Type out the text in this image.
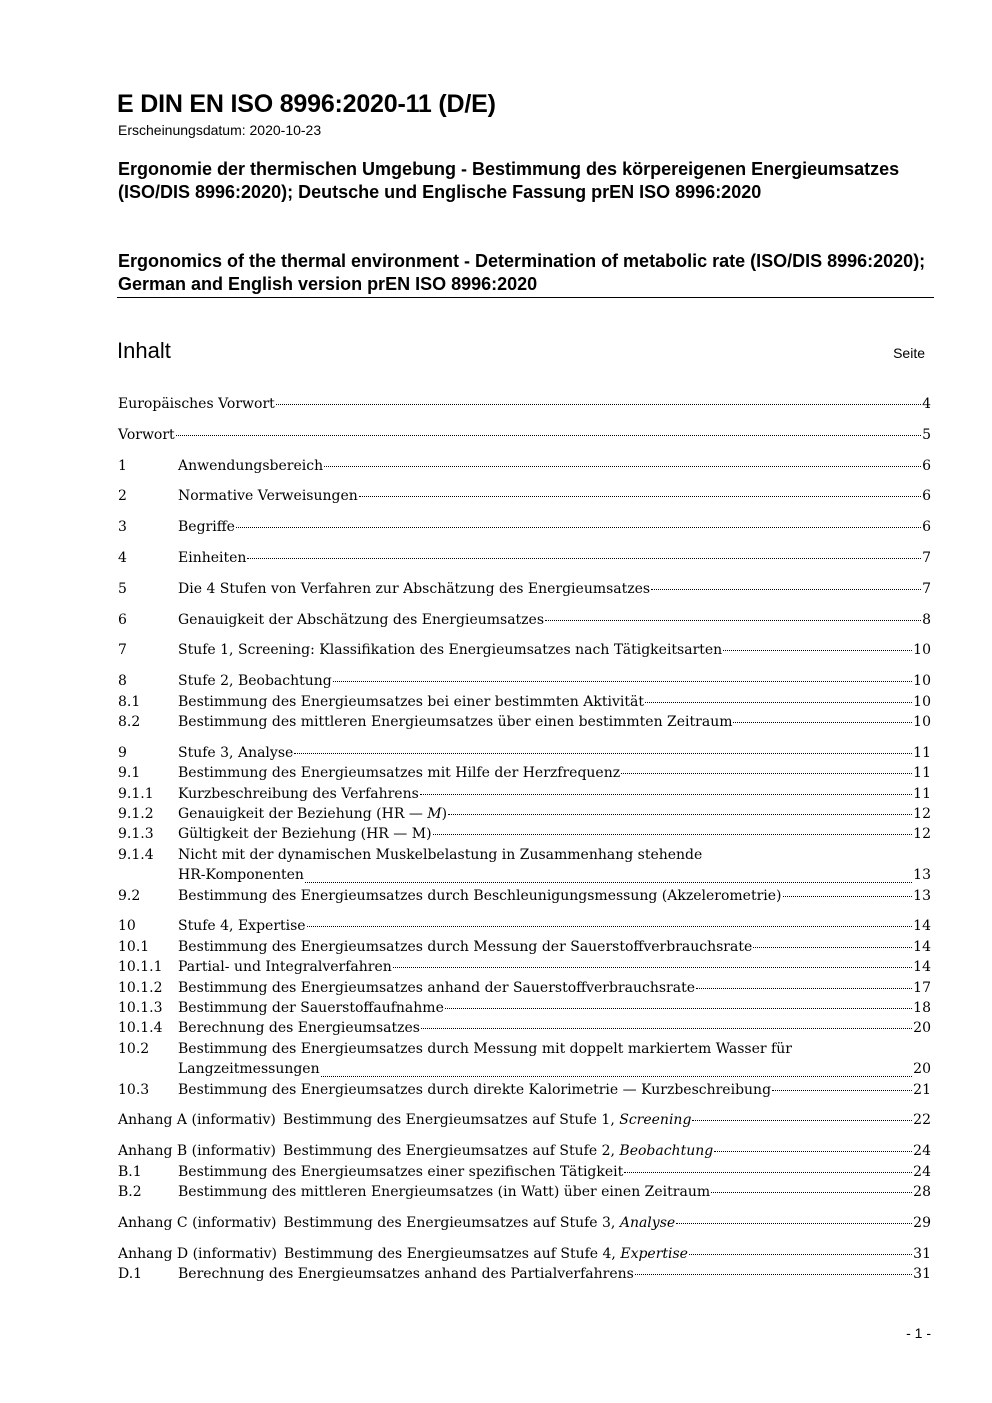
E DIN EN ISO 8996:2020-11 (D/E)
Erscheinungsdatum: 2020-10-23
Ergonomie der thermischen Umgebung - Bestimmung des körpereigenen Energieumsatzes (ISO/DIS 8996:2020); Deutsche und Englische Fassung prEN ISO 8996:2020
Ergonomics of the thermal environment - Determination of metabolic rate (ISO/DIS 8996:2020); German and English version prEN ISO 8996:2020
Inhalt	Seite
Europäisches Vorwort	4
Vorwort	5
1	Anwendungsbereich	6
2	Normative Verweisungen	6
3	Begriffe	6
4	Einheiten	7
5	Die 4 Stufen von Verfahren zur Abschätzung des Energieumsatzes	7
6	Genauigkeit der Abschätzung des Energieumsatzes	8
7	Stufe 1, Screening: Klassifikation des Energieumsatzes nach Tätigkeitsarten	10
8	Stufe 2, Beobachtung	10
8.1	Bestimmung des Energieumsatzes bei einer bestimmten Aktivität	10
8.2	Bestimmung des mittleren Energieumsatzes über einen bestimmten Zeitraum	10
9	Stufe 3, Analyse	11
9.1	Bestimmung des Energieumsatzes mit Hilfe der Herzfrequenz	11
9.1.1 Kurzbeschreibung des Verfahrens	11
9.1.2 Genauigkeit der Beziehung (HR — M)	12
9.1.3 Gültigkeit der Beziehung (HR — M)	12
9.1.4 Nicht mit der dynamischen Muskelbelastung in Zusammenhang stehende
HR-Komponenten	13
9.2	Bestimmung des Energieumsatzes durch Beschleunigungsmessung (Akzelerometrie)	13
10	Stufe 4, Expertise	14
10.1 Bestimmung des Energieumsatzes durch Messung der Sauerstoffverbrauchsrate	14
10.1.1 Partial- und Integralverfahren	14
10.1.2 Bestimmung des Energieumsatzes anhand der Sauerstoffverbrauchsrate	17
10.1.3 Bestimmung der Sauerstoffaufnahme	18
10.1.4 Berechnung des Energieumsatzes	20
10.2 Bestimmung des Energieumsatzes durch Messung mit doppelt markiertem Wasser für
Langzeitmessungen	20
10.3 Bestimmung des Energieumsatzes durch direkte Kalorimetrie — Kurzbeschreibung	21
Anhang A (informativ) Bestimmung des Energieumsatzes auf Stufe 1, Screening	22
Anhang B (informativ) Bestimmung des Energieumsatzes auf Stufe 2, Beobachtung	24
B.1	Bestimmung des Energieumsatzes einer spezifischen Tätigkeit	24
B.2	Bestimmung des mittleren Energieumsatzes (in Watt) über einen Zeitraum	28
Anhang C (informativ) Bestimmung des Energieumsatzes auf Stufe 3, Analyse	29
Anhang D (informativ) Bestimmung des Energieumsatzes auf Stufe 4, Expertise	31
D.1	Berechnung des Energieumsatzes anhand des Partialverfahrens	31
- 1 -
